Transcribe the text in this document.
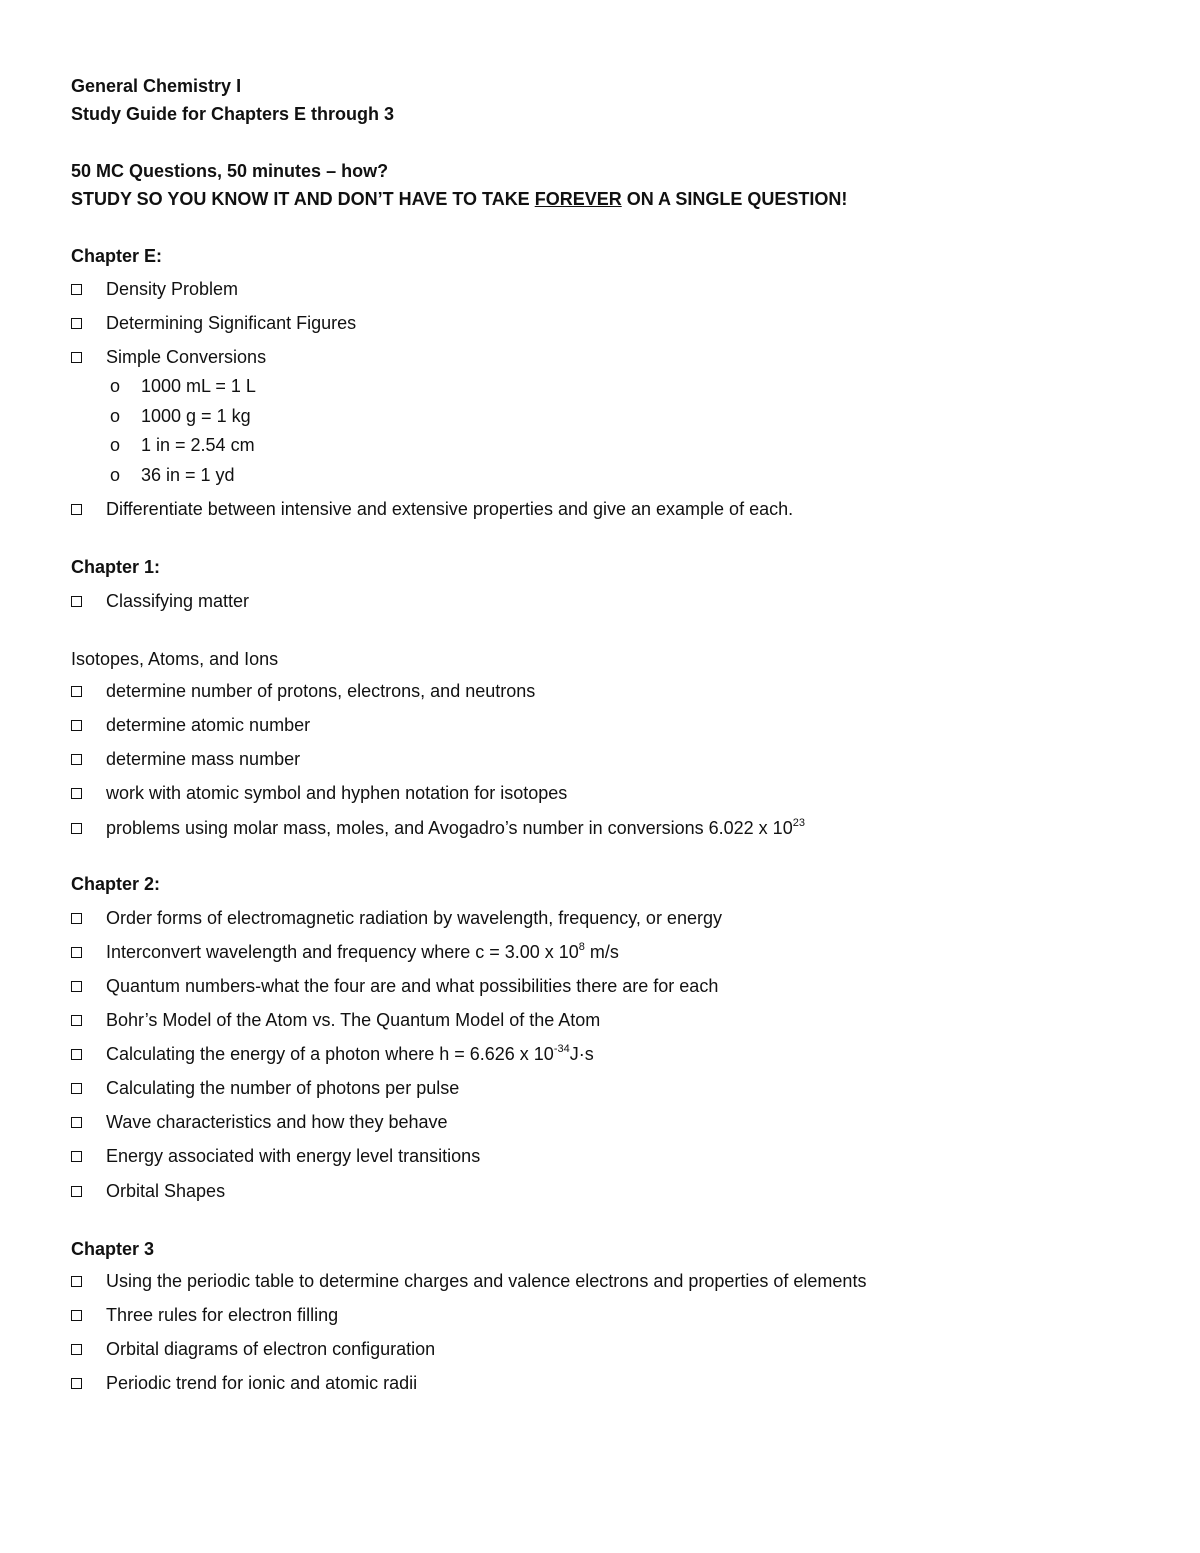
General Chemistry I
Study Guide for Chapters E through 3
50 MC Questions, 50 minutes – how?
STUDY SO YOU KNOW IT AND DON’T HAVE TO TAKE FOREVER ON A SINGLE QUESTION!
Chapter E:
Density Problem
Determining Significant Figures
Simple Conversions
o 1000 mL = 1 L
o 1000 g = 1 kg
o 1 in = 2.54 cm
o 36 in = 1 yd
Differentiate between intensive and extensive properties and give an example of each.
Chapter 1:
Classifying matter
Isotopes, Atoms, and Ions
determine number of protons, electrons, and neutrons
determine atomic number
determine mass number
work with atomic symbol and hyphen notation for isotopes
problems using molar mass, moles, and Avogadro’s number in conversions 6.022 x $10^{23}$
Chapter 2:
Order forms of electromagnetic radiation by wavelength, frequency, or energy
Interconvert wavelength and frequency where c = 3.00 x $10^8$ m/s
Quantum numbers-what the four are and what possibilities there are for each
Bohr’s Model of the Atom vs. The Quantum Model of the Atom
Calculating the energy of a photon where h = 6.626 x $10^{-34}J\cdot s$
Calculating the number of photons per pulse
Wave characteristics and how they behave
Energy associated with energy level transitions
Orbital Shapes
Chapter 3
Using the periodic table to determine charges and valence electrons and properties of elements
Three rules for electron filling
Orbital diagrams of electron configuration
Periodic trend for ionic and atomic radii
